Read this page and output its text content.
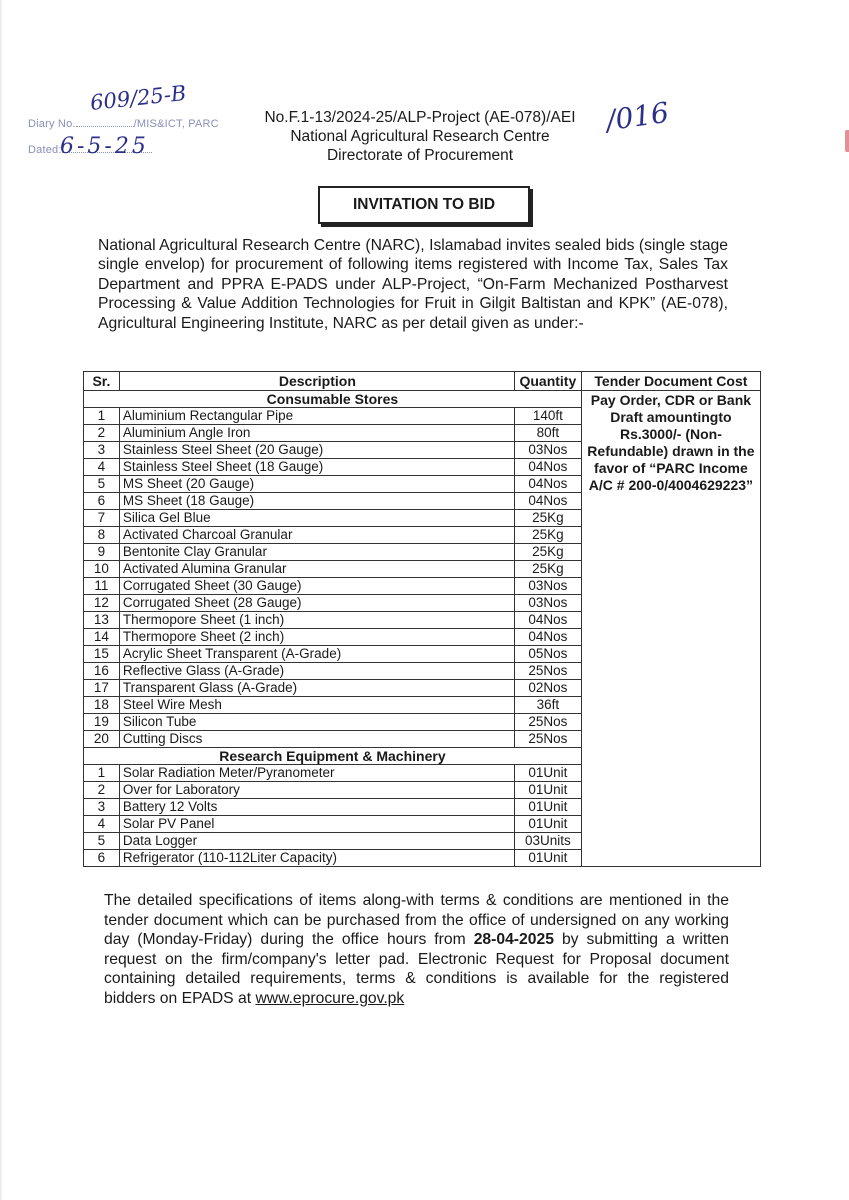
Diary No.	/MIS&ICT, PARC
Dated:
609/25-B
6-5-25
/016
No.F.1-13/2024-25/ALP-Project (AE-078)/AEI
National Agricultural Research Centre
Directorate of Procurement
INVITATION TO BID
National Agricultural Research Centre (NARC), Islamabad invites sealed bids (single stage single envelop) for procurement of following items registered with Income Tax, Sales Tax Department and PPRA E-PADS under ALP-Project, “On-Farm Mechanized Postharvest Processing & Value Addition Technologies for Fruit in Gilgit Baltistan and KPK” (AE-078), Agricultural Engineering Institute, NARC as per detail given as under:-
Sr.	Description	Quantity	Tender Document Cost
Consumable Stores			Pay Order, CDR or Bank Draft amountingto Rs.3000/- (Non-Refundable) drawn in the favor of “PARC Income A/C # 200-0/4004629223”
1	Aluminium Rectangular Pipe	140ft	
2	Aluminium Angle Iron	80ft	
3	Stainless Steel Sheet (20 Gauge)	03Nos	
4	Stainless Steel Sheet (18 Gauge)	04Nos	
5	MS Sheet (20 Gauge)	04Nos	
6	MS Sheet (18 Gauge)	04Nos	
7	Silica Gel Blue	25Kg	
8	Activated Charcoal Granular	25Kg	
9	Bentonite Clay Granular	25Kg	
10	Activated Alumina Granular	25Kg	
11	Corrugated Sheet (30 Gauge)	03Nos	
12	Corrugated Sheet (28 Gauge)	03Nos	
13	Thermopore Sheet (1 inch)	04Nos	
14	Thermopore Sheet (2 inch)	04Nos	
15	Acrylic Sheet Transparent (A-Grade)	05Nos	
16	Reflective Glass (A-Grade)	25Nos	
17	Transparent Glass (A-Grade)	02Nos	
18	Steel Wire Mesh	36ft	
19	Silicon Tube	25Nos	
20	Cutting Discs	25Nos	
Research Equipment & Machinery			
1	Solar Radiation Meter/Pyranometer	01Unit	
2	Over for Laboratory	01Unit	
3	Battery 12 Volts	01Unit	
4	Solar PV Panel	01Unit	
5	Data Logger	03Units	
6	Refrigerator (110-112Liter Capacity)	01Unit	
The detailed specifications of items along-with terms & conditions are mentioned in the tender document which can be purchased from the office of undersigned on any working day (Monday-Friday) during the office hours from 28-04-2025 by submitting a written request on the firm/company's letter pad. Electronic Request for Proposal document containing detailed requirements, terms & conditions is available for the registered bidders on EPADS at www.eprocure.gov.pk
